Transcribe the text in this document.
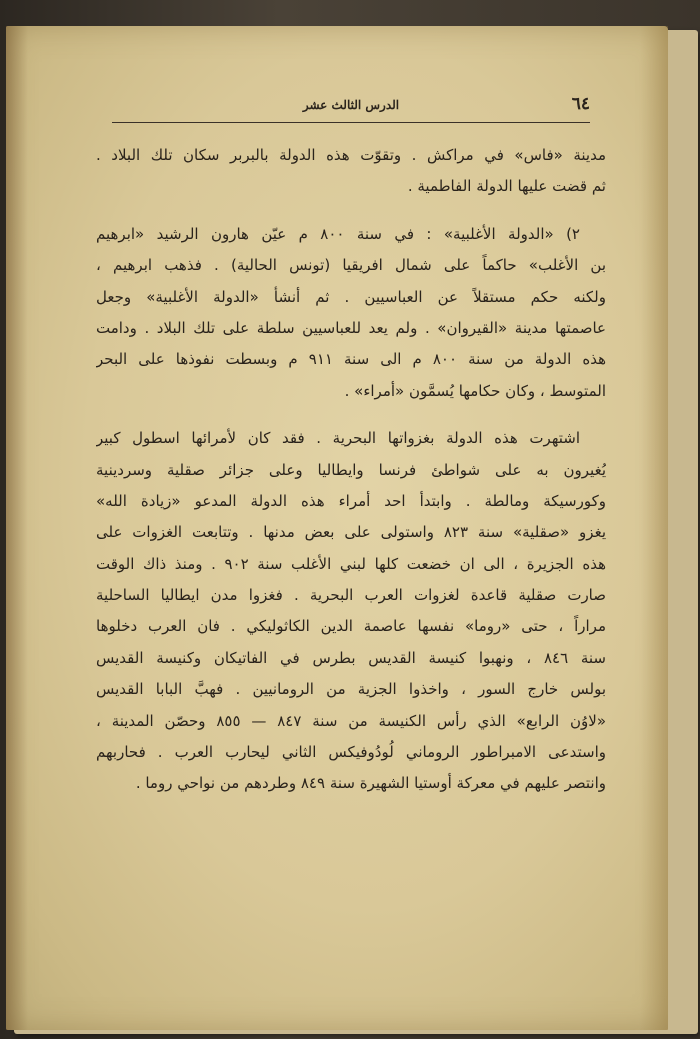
٦٤
الدرس الثالث عشر
مدينة «فاس» في مراكش . وتقوّت هذه الدولة بالبربر سكان تلك البلاد .
ثم قضت عليها الدولة الفاطمية .
٢) «الدولة الأغلبية» : في سنة ٨٠٠ م عيّن هارون الرشيد «ابرهيم
بن الأغلب» حاكماً على شمال افريقيا (تونس الحالية) . فذهب ابرهيم ،
ولكنه حكم مستقلاً عن العباسيين . ثم أنشأ «الدولة الأغلبية» وجعل
عاصمتها مدينة «القيروان» . ولم يعد للعباسيين سلطة على تلك البلاد . ودامت
هذه الدولة من سنة ٨٠٠ م الى سنة ٩١١ م وبسطت نفوذها على البحر
المتوسط ، وكان حكامها يُسمَّون «أمراء» .
اشتهرت هذه الدولة بغزواتها البحرية . فقد كان لأمرائها اسطول كبير
يُغيرون به على شواطئ فرنسا وايطاليا وعلى جزائر صقلية وسردينية
وكورسيكة ومالطة . وابتدأ احد أمراء هذه الدولة المدعو «زيادة الله»
يغزو «صقلية» سنة ٨٢٣ واستولى على بعض مدنها . وتتابعت الغزوات على
هذه الجزيرة ، الى ان خضعت كلها لبني الأغلب سنة ٩٠٢ . ومنذ ذاك الوقت
صارت صقلية قاعدة لغزوات العرب البحرية . فغزوا مدن ايطاليا الساحلية
مراراً ، حتى «روما» نفسها عاصمة الدين الكاثوليكي . فان العرب دخلوها
سنة ٨٤٦ ، ونهبوا كنيسة القديس بطرس في الفاتيكان وكنيسة القديس
بولس خارج السور ، واخذوا الجزية من الرومانيين . فهبَّ البابا القديس
«لاوُن الرابع» الذي رأس الكنيسة من سنة ٨٤٧ — ٨٥٥ وحصّن المدينة ،
واستدعى الامبراطور الروماني لُودُوفيكس الثاني ليحارب العرب . فحاربهم
وانتصر عليهم في معركة أوستيا الشهيرة سنة ٨٤٩ وطردهم من نواحي روما .
